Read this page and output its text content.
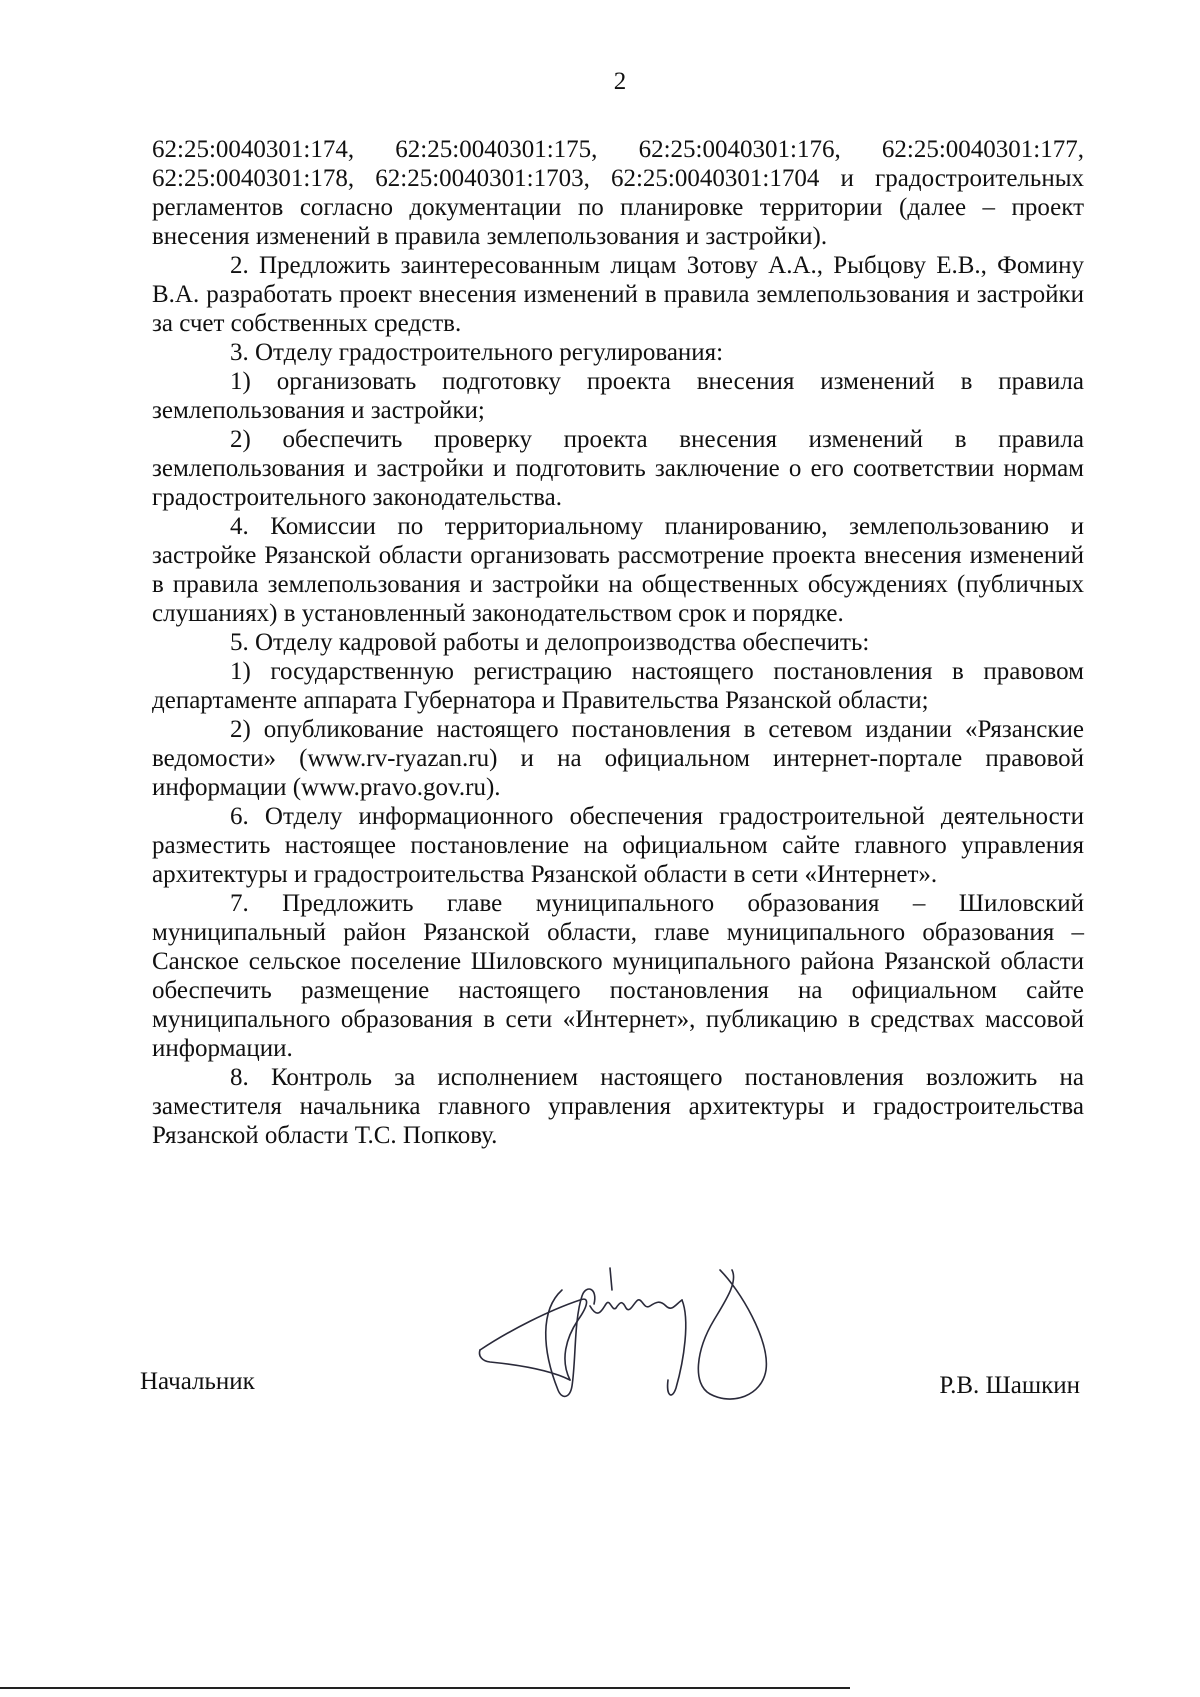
2

62:25:0040301:174, 62:25:0040301:175, 62:25:0040301:176, 62:25:0040301:177, 62:25:0040301:178, 62:25:0040301:1703, 62:25:0040301:1704 и градостроительных регламентов согласно документации по планировке территории (далее – проект внесения изменений в правила землепользования и застройки).

2. Предложить заинтересованным лицам Зотову А.А., Рыбцову Е.В., Фомину В.А. разработать проект внесения изменений в правила землепользования и застройки за счет собственных средств.

3. Отделу градостроительного регулирования:

1) организовать подготовку проекта внесения изменений в правила землепользования и застройки;

2) обеспечить проверку проекта внесения изменений в правила землепользования и застройки и подготовить заключение о его соответствии нормам градостроительного законодательства.

4. Комиссии по территориальному планированию, землепользованию и застройке Рязанской области организовать рассмотрение проекта внесения изменений в правила землепользования и застройки на общественных обсуждениях (публичных слушаниях) в установленный законодательством срок и порядке.

5. Отделу кадровой работы и делопроизводства обеспечить:

1) государственную регистрацию настоящего постановления в правовом департаменте аппарата Губернатора и Правительства Рязанской области;

2) опубликование настоящего постановления в сетевом издании «Рязанские ведомости» (www.rv-ryazan.ru) и на официальном интернет-портале правовой информации (www.pravo.gov.ru).

6. Отделу информационного обеспечения градостроительной деятельности разместить настоящее постановление на официальном сайте главного управления архитектуры и градостроительства Рязанской области в сети «Интернет».

7. Предложить главе муниципального образования – Шиловский муниципальный район Рязанской области, главе муниципального образования – Санское сельское поселение Шиловского муниципального района Рязанской области обеспечить размещение настоящего постановления на официальном сайте муниципального образования в сети «Интернет», публикацию в средствах массовой информации.

8. Контроль за исполнением настоящего постановления возложить на заместителя начальника главного управления архитектуры и градостроительства Рязанской области Т.С. Попкову.

Начальник	Р.В. Шашкин
